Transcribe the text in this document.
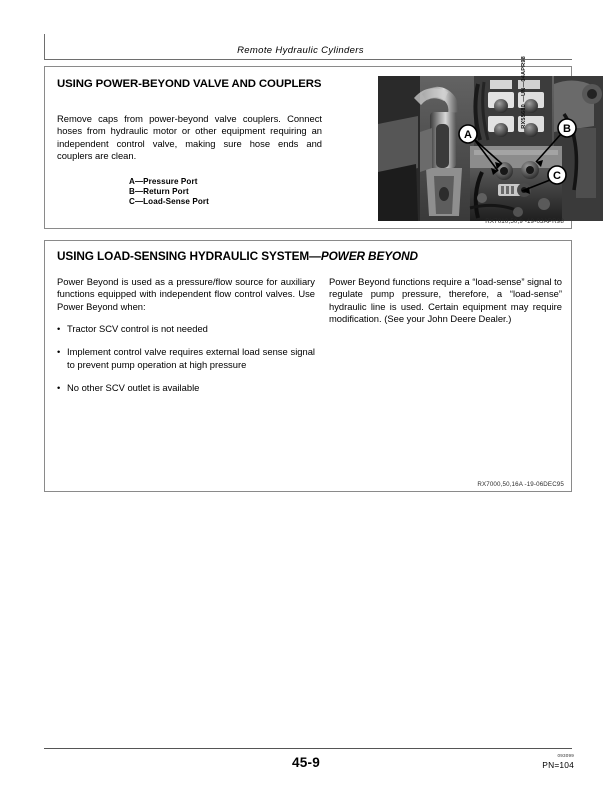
Remote Hydraulic Cylinders
USING POWER-BEYOND VALVE AND COUPLERS
Remove caps from power-beyond valve couplers. Connect hoses from hydraulic motor or other equipment requiring an independent control valve, making sure hose ends and couplers are clean.
A—Pressure Port
B—Return Port
C—Load-Sense Port
A	B
C
RX7010,50,9 -19-03APR98
—UN—04APR98
RX55680
USING LOAD-SENSING HYDRAULIC SYSTEM—POWER BEYOND
Power Beyond is used as a pressure/flow source for auxiliary functions equipped with independent flow control valves. Use Power Beyond when:
• Tractor SCV control is not needed
• Implement control valve requires external load sense signal to prevent pump operation at high pressure
• No other SCV outlet is available
Power Beyond functions require a “load-sense” signal to regulate pump pressure, therefore, a “load-sense” hydraulic line is used. Certain equipment may require modification. (See your John Deere Dealer.)
RX7000,50,16A -19-06DEC95
45-9	093099
PN=104
